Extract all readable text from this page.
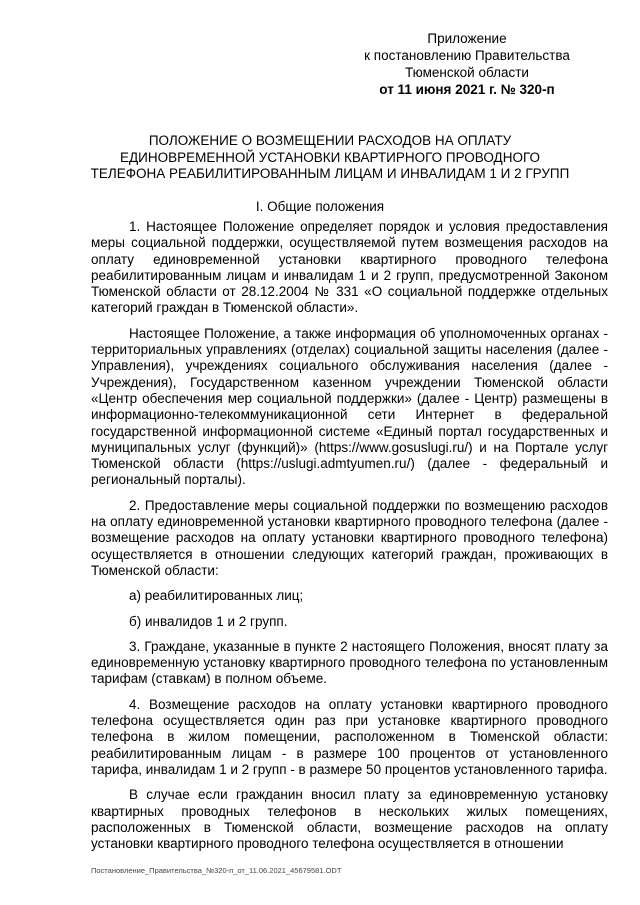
Приложение
к постановлению Правительства
Тюменской области
от 11 июня 2021 г. № 320-п
ПОЛОЖЕНИЕ О ВОЗМЕЩЕНИИ РАСХОДОВ НА ОПЛАТУ
ЕДИНОВРЕМЕННОЙ УСТАНОВКИ КВАРТИРНОГО ПРОВОДНОГО
ТЕЛЕФОНА РЕАБИЛИТИРОВАННЫМ ЛИЦАМ И ИНВАЛИДАМ 1 И 2 ГРУПП
I. Общие положения

1. Настоящее Положение определяет порядок и условия предоставления меры социальной поддержки, осуществляемой путем возмещения расходов на оплату единовременной установки квартирного проводного телефона реабилитированным лицам и инвалидам 1 и 2 групп, предусмотренной Законом Тюменской области от 28.12.2004 № 331 «О социальной поддержке отдельных категорий граждан в Тюменской области».

Настоящее Положение, а также информация об уполномоченных органах - территориальных управлениях (отделах) социальной защиты населения (далее - Управления), учреждениях социального обслуживания населения (далее - Учреждения), Государственном казенном учреждении Тюменской области «Центр обеспечения мер социальной поддержки» (далее - Центр) размещены в информационно-телекоммуникационной сети Интернет в федеральной государственной информационной системе «Единый портал государственных и муниципальных услуг (функций)» (https://www.gosuslugi.ru/) и на Портале услуг Тюменской области (https://uslugi.admtyumen.ru/) (далее - федеральный и региональный порталы).

2. Предоставление меры социальной поддержки по возмещению расходов на оплату единовременной установки квартирного проводного телефона (далее - возмещение расходов на оплату установки квартирного проводного телефона) осуществляется в отношении следующих категорий граждан, проживающих в Тюменской области:

а) реабилитированных лиц;

б) инвалидов 1 и 2 групп.

3. Граждане, указанные в пункте 2 настоящего Положения, вносят плату за единовременную установку квартирного проводного телефона по установленным тарифам (ставкам) в полном объеме.

4. Возмещение расходов на оплату установки квартирного проводного телефона осуществляется один раз при установке квартирного проводного телефона в жилом помещении, расположенном в Тюменской области: реабилитированным лицам - в размере 100 процентов от установленного тарифа, инвалидам 1 и 2 групп - в размере 50 процентов установленного тарифа.

В случае если гражданин вносил плату за единовременную установку квартирных проводных телефонов в нескольких жилых помещениях, расположенных в Тюменской области, возмещение расходов на оплату установки квартирного проводного телефона осуществляется в отношении

Постановление_Правительства_№320-п_от_11.06.2021_45679581.ODT
